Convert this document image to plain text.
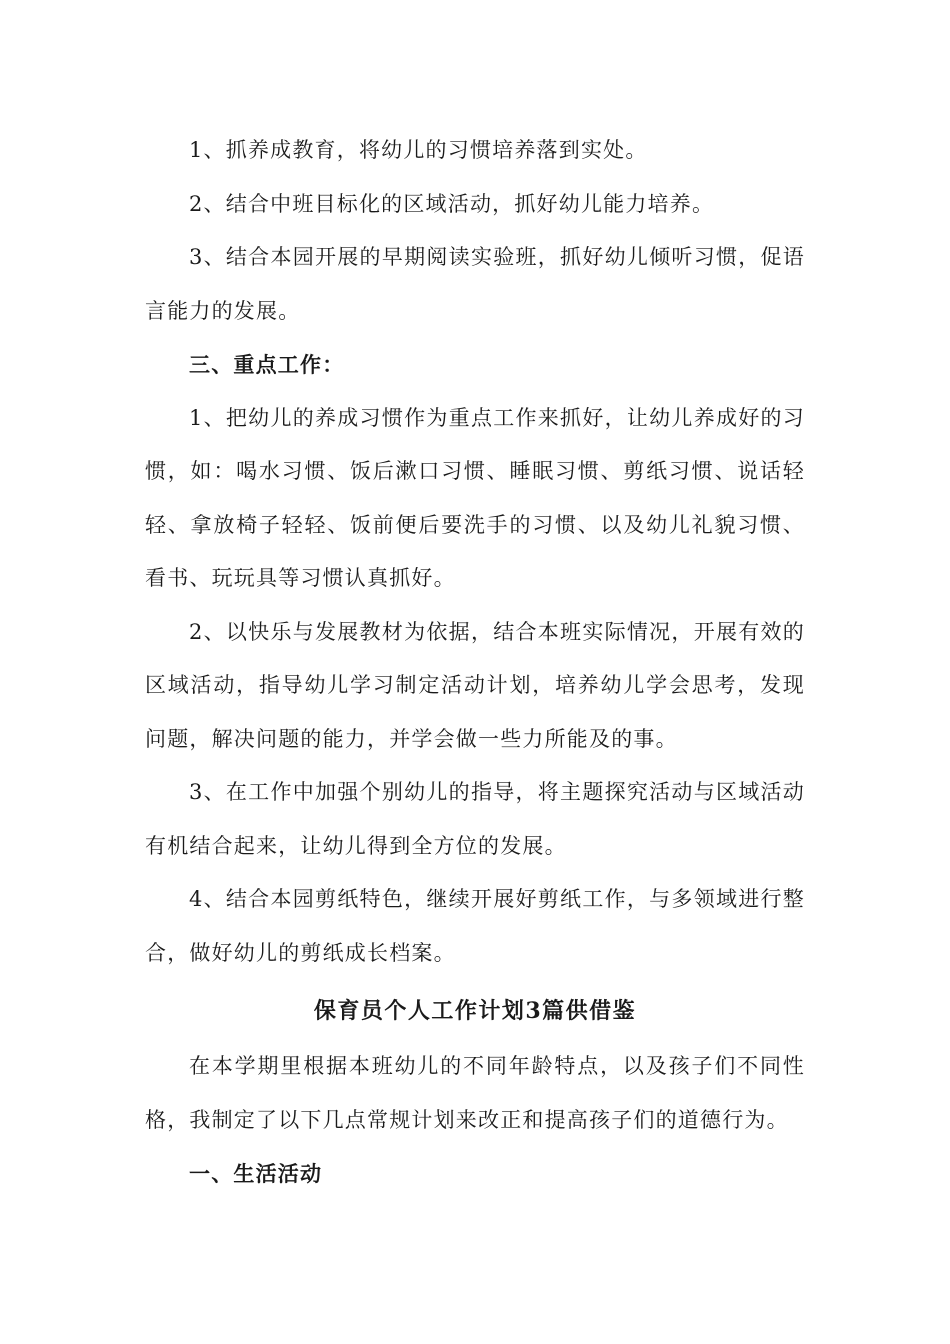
1、抓养成教育，将幼儿的习惯培养落到实处。

2、结合中班目标化的区域活动，抓好幼儿能力培养。

3、结合本园开展的早期阅读实验班，抓好幼儿倾听习惯，促语言能力的发展。

三、重点工作：

1、把幼儿的养成习惯作为重点工作来抓好，让幼儿养成好的习惯，如：喝水习惯、饭后漱口习惯、睡眠习惯、剪纸习惯、说话轻轻、拿放椅子轻轻、饭前便后要洗手的习惯、以及幼儿礼貌习惯、看书、玩玩具等习惯认真抓好。

2、以快乐与发展教材为依据，结合本班实际情况，开展有效的区域活动，指导幼儿学习制定活动计划，培养幼儿学会思考，发现问题，解决问题的能力，并学会做一些力所能及的事。

3、在工作中加强个别幼儿的指导，将主题探究活动与区域活动有机结合起来，让幼儿得到全方位的发展。

4、结合本园剪纸特色，继续开展好剪纸工作，与多领域进行整合，做好幼儿的剪纸成长档案。

保育员个人工作计划3篇供借鉴

在本学期里根据本班幼儿的不同年龄特点，以及孩子们不同性格，我制定了以下几点常规计划来改正和提高孩子们的道德行为。

一、生活活动
